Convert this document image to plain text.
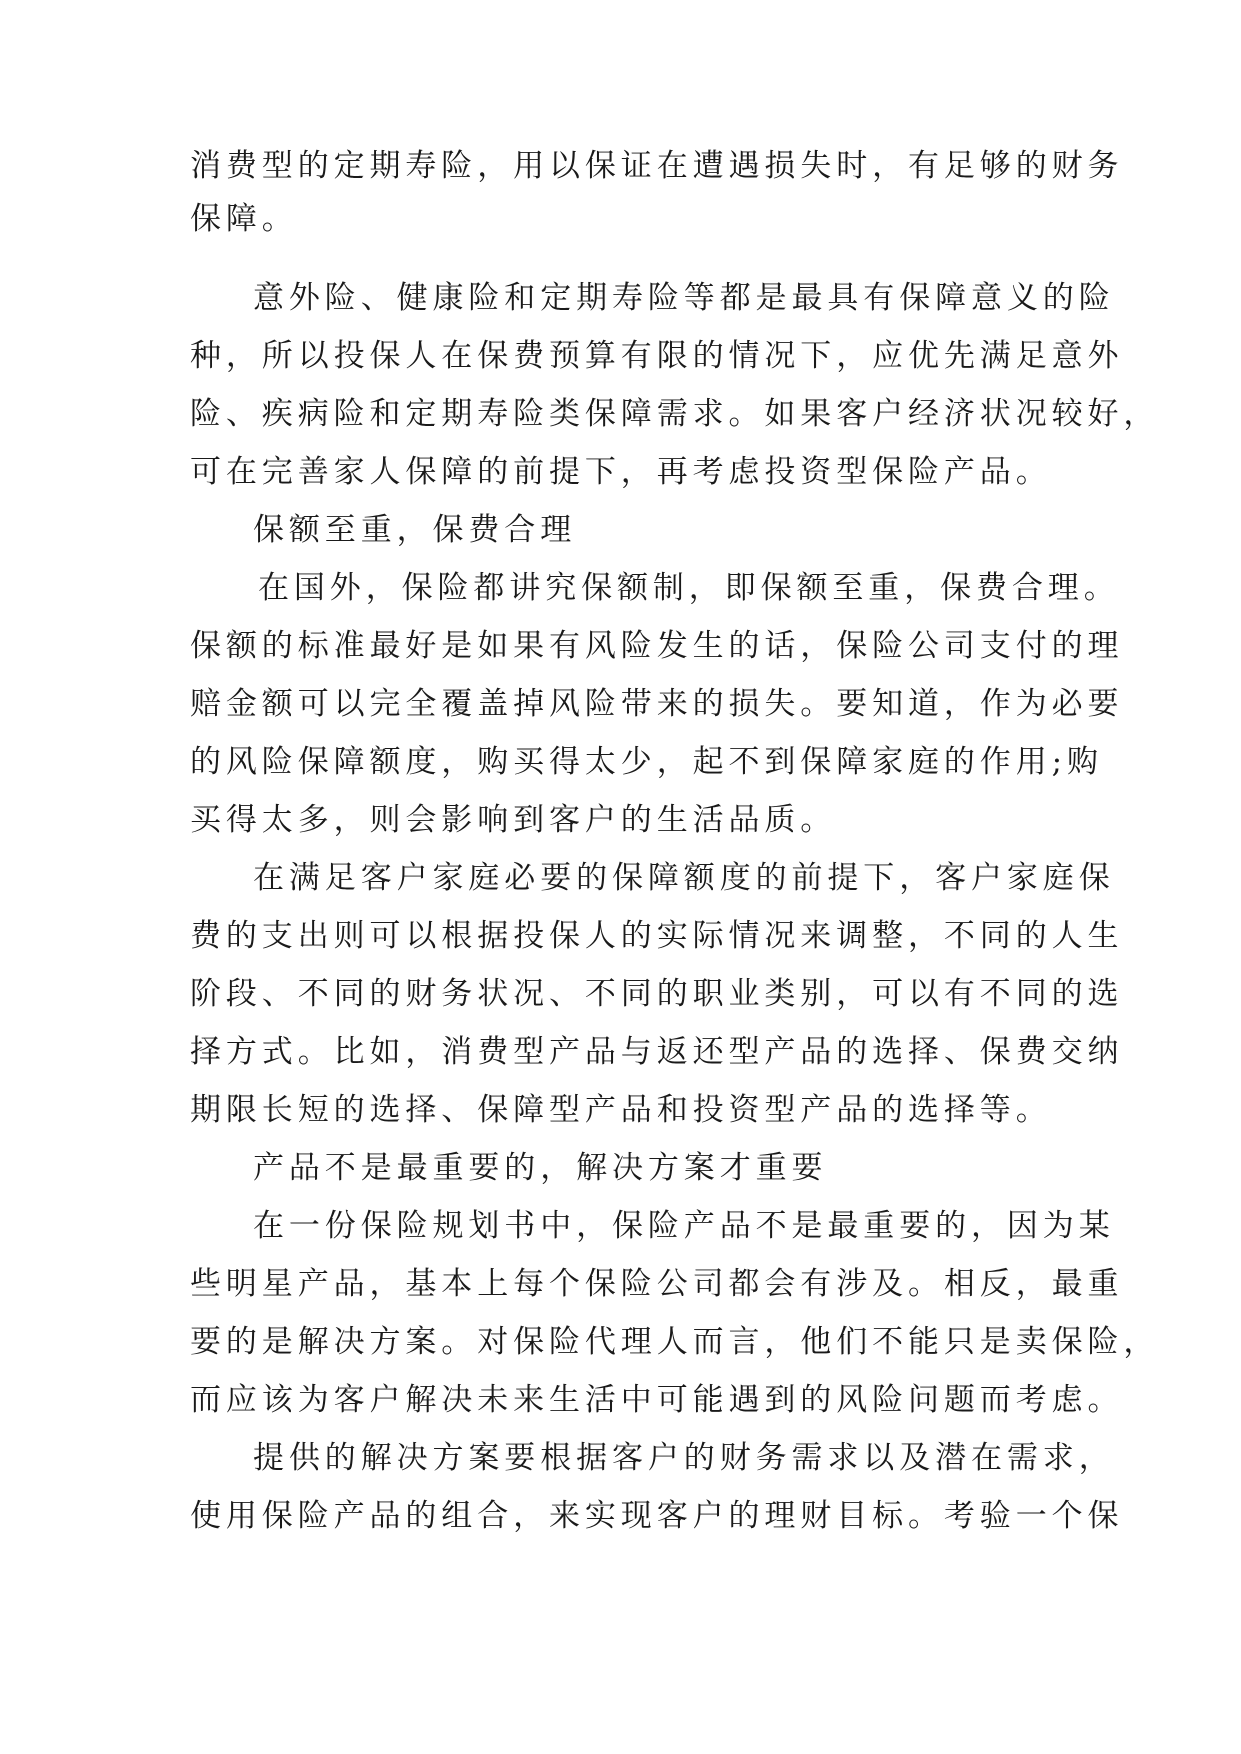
消费型的定期寿险，用以保证在遭遇损失时，有足够的财务
保障。
意外险、健康险和定期寿险等都是最具有保障意义的险
种，所以投保人在保费预算有限的情况下，应优先满足意外
险、疾病险和定期寿险类保障需求。如果客户经济状况较好，
可在完善家人保障的前提下，再考虑投资型保险产品。
保额至重，保费合理
在国外，保险都讲究保额制，即保额至重，保费合理。
保额的标准最好是如果有风险发生的话，保险公司支付的理
赔金额可以完全覆盖掉风险带来的损失。要知道，作为必要
的风险保障额度，购买得太少，起不到保障家庭的作用;购
买得太多，则会影响到客户的生活品质。
在满足客户家庭必要的保障额度的前提下，客户家庭保
费的支出则可以根据投保人的实际情况来调整，不同的人生
阶段、不同的财务状况、不同的职业类别，可以有不同的选
择方式。比如，消费型产品与返还型产品的选择、保费交纳
期限长短的选择、保障型产品和投资型产品的选择等。
产品不是最重要的，解决方案才重要
在一份保险规划书中，保险产品不是最重要的，因为某
些明星产品，基本上每个保险公司都会有涉及。相反，最重
要的是解决方案。对保险代理人而言，他们不能只是卖保险，
而应该为客户解决未来生活中可能遇到的风险问题而考虑。
提供的解决方案要根据客户的财务需求以及潜在需求，
使用保险产品的组合，来实现客户的理财目标。考验一个保
